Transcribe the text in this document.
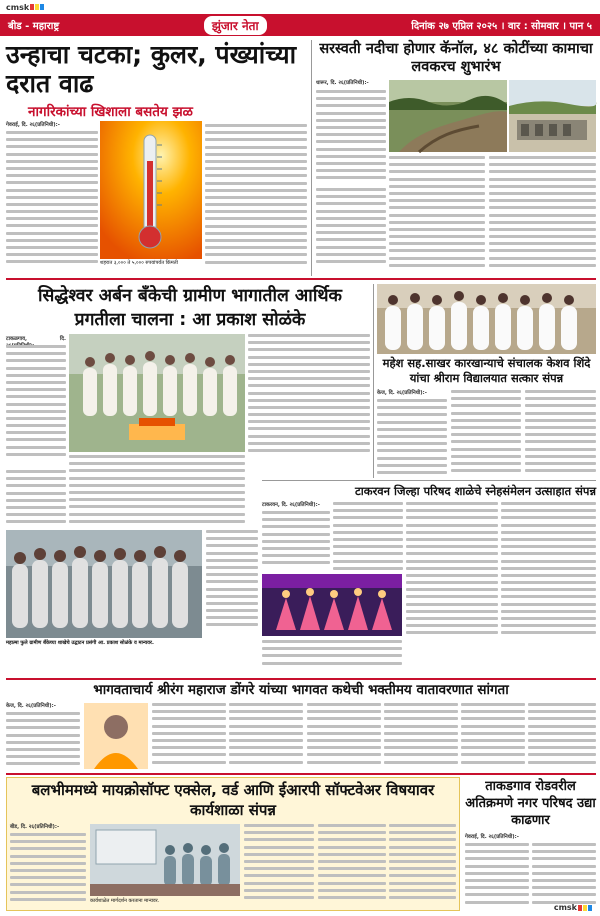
cmsk
बीड - महाराष्ट्र	झुंजार नेता	दिनांक २७ एप्रिल २०२५ । वार : सोमवार । पान ५
उन्हाचा चटका; कुलर, पंख्यांच्या दरात वाढ
नागरिकांच्या खिशाला बसतेय झळ

गेवराई, दि. २६(प्रतिनिधी):-

शहरात ३,००० ते ५,००० रुपयांपर्यंत किंमती
सरस्वती नदीचा होणार कॅनॉल, ४८ कोटींच्या कामाचा लवकरच शुभारंभ

धारूर, दि. २६(प्रतिनिधी):-

सिद्धेश्वर अर्बन बँकेची ग्रामीण भागातील आर्थिक प्रगतीला चालना : आ प्रकाश सोळंके

टाकळगाव, दि.

महात्मा फुले ग्रामीण बँकेच्या शाखेचे उद्घाटन प्रसंगी आ. प्रकाश सोळंके व मान्यवर.
महेश सह.साखर कारखान्याचे संचालक केशव शिंदे यांचा श्रीराम विद्यालयात सत्कार संपन्न

केज, दि. २६(प्रतिनिधी):-

टाकरवन जिल्हा परिषद शाळेचे स्नेहसंमेलन उत्साहात संपन्न

टाकरवन, दि. २६(प्रतिनिधी):-

भागवताचार्य श्रीरंग महाराज डोंगरे यांच्या भागवत कथेची भक्तीमय वातावरणात सांगता

केज, दि. २६(प्रतिनिधी):-

बलभीममध्ये मायक्रोसॉफ्ट एक्सेल, वर्ड आणि ईआरपी सॉफ्टवेअर विषयावर कार्यशाळा संपन्न

बीड, दि. २६(प्रतिनिधी):-

कार्यशाळेत मार्गदर्शन करताना मान्यवर.
ताकडगाव रोडवरील अतिक्रमणे नगर परिषद उद्या काढणार

गेवराई, दि. २६(प्रतिनिधी):-

cmsk
